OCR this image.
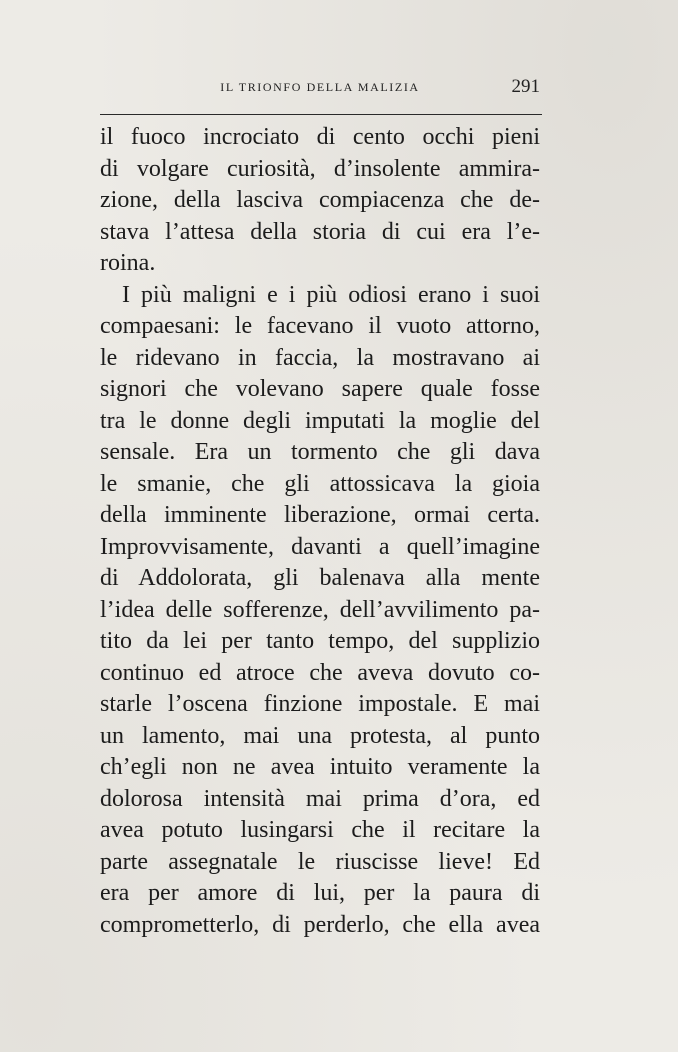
IL TRIONFO DELLA MALIZIA	291
il fuoco incrociato di cento occhi pieni
di volgare curiosità, d’insolente ammira-
zione, della lasciva compiacenza che de-
stava l’attesa della storia di cui era l’e-
roina.
I più maligni e i più odiosi erano i suoi
compaesani: le facevano il vuoto attorno,
le ridevano in faccia, la mostravano ai
signori che volevano sapere quale fosse
tra le donne degli imputati la moglie del
sensale. Era un tormento che gli dava
le smanie, che gli attossicava la gioia
della imminente liberazione, ormai certa.
Improvvisamente, davanti a quell’imagine
di Addolorata, gli balenava alla mente
l’idea delle sofferenze, dell’avvilimento pa-
tito da lei per tanto tempo, del supplizio
continuo ed atroce che aveva dovuto co-
starle l’oscena finzione impostale. E mai
un lamento, mai una protesta, al punto
ch’egli non ne avea intuito veramente la
dolorosa intensità mai prima d’ora, ed
avea potuto lusingarsi che il recitare la
parte assegnatale le riuscisse lieve! Ed
era per amore di lui, per la paura di
comprometterlo, di perderlo, che ella avea
